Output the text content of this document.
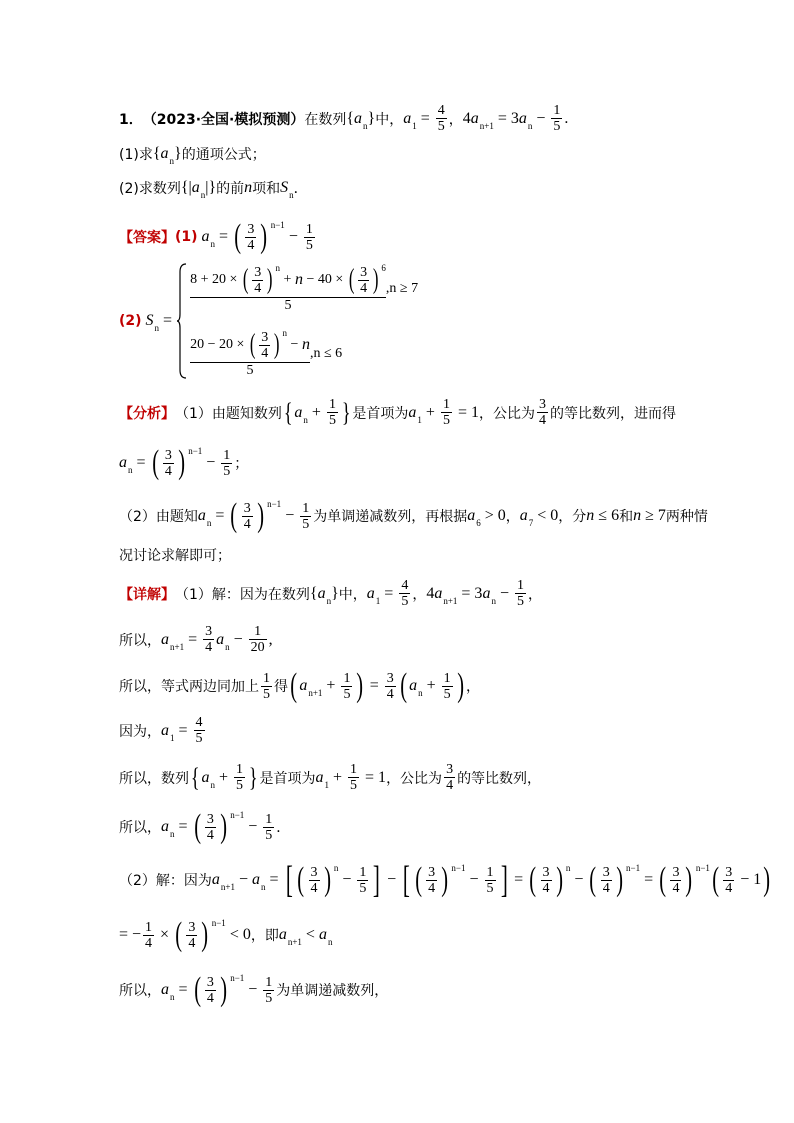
1． （2023·全国·模拟预测） 在数列 $\{a_n\}$ 中， $a_1 = \frac{4}{5}$ ， 4 $a_{n+1} = 3$ $a_n - \frac{1}{5}$ .
(1)求 $\{a_n\}$ 的通项公式；
(2)求数列 $\{|a_n|\}$ 的前 n 项和 $S_n$ ．
【答案】 (1) $a_n$ = ( $\frac{3}{4}$ ) n−1
− $\frac{1}{5}$
(2) $S_n$ =
8 + 20 × ( $\frac{3}{4}$ ) n
+ n − 40 × ( $\frac{3}{4}$ ) 6
5
,n ≥ 7
20 − 20 × ( $\frac{3}{4}$ ) n
− n
5
,n ≤ 6
【分析】 （1）由题知数列 { $a_n + \frac{1}{5}$ } 是首项为 $a_1 + \frac{1}{5} = 1$ ，公比为 $\frac{3}{4}$ 的等比数列，进而得
$a_n$ = ( $\frac{3}{4}$ ) n−1
− $\frac{1}{5}$ ；
（2）由题知 $a_n$ = ( $\frac{3}{4}$ ) n−1
− $\frac{1}{5}$ 为单调递减数列，再根据 $a_6 > 0$ ， $a_7 < 0$ ，分 n ≤ 6 和 n ≥ 7 两种情
况讨论求解即可；
【详解】 （1）解：因为在数列 $\{a_n\}$ 中， $a_1 = \frac{4}{5}$ ， 4 $a_{n+1} = 3$ $a_n - \frac{1}{5}$ ，
所以， $a_{n+1} = \frac{3}{4} a_n - \frac{1}{20}$ ,
所以，等式两边同加上 $\frac{1}{5}$ 得 ( $a_{n+1} + \frac{1}{5}$ ) = $\frac{3}{4}$ ( $a_n + \frac{1}{5}$ ) ，
因为， $a_1 = \frac{4}{5}$
所以，数列 { $a_n + \frac{1}{5}$ } 是首项为 $a_1 + \frac{1}{5} = 1$ ，公比为 $\frac{3}{4}$ 的等比数列，
所以， $a_n$ = ( $\frac{3}{4}$ ) n−1
− $\frac{1}{5}$ ．
（2）解：因为 $a_{n+1} - a_n$ = [ ( $\frac{3}{4}$ ) n
− $\frac{1}{5}$ ] − [ ( $\frac{3}{4}$ ) n−1
− $\frac{1}{5}$ ] = ( $\frac{3}{4}$ ) n
− ( $\frac{3}{4}$ ) n−1
= ( $\frac{3}{4}$ ) n−1 ( $\frac{3}{4} - 1$ )
= − $\frac{1}{4}$ × ( $\frac{3}{4}$ ) n−1
< 0 ，即 $a_{n+1} < a_n$
所以， $a_n$ = ( $\frac{3}{4}$ ) n−1
− $\frac{1}{5}$ 为单调递减数列，
